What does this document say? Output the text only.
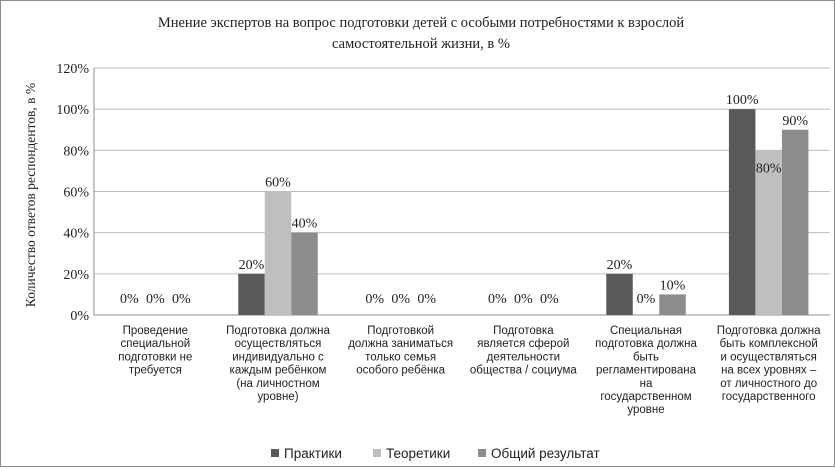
Мнение экспертов на вопрос подготовки детей с особыми потребностями к взрослой
самостоятельной жизни, в %
Количество ответов респондентов, в %
0%
20%
40%
60%
80%
100%
120%
0% 0% 0%
20%
60%
40%
0% 0% 0%	0% 0% 0%
20%
0%
10%
100%
80%
90%
Проведение
специальной
подготовки не
требуется
Подготовка должна
осуществляться
индивидуально с
каждым ребёнком
(на личностном
уровне)
Подготовкой
должна заниматься
только семья
особого ребёнка
Подготовка
является сферой
деятельности
общества / социума
Специальная
подготовка должна
быть
регламентирована
на
государственном
уровне
Подготовка должна
быть комплексной
и осуществляться
на всех уровнях –
от личностного до
государственного
Практики	Теоретики	Общий результат
